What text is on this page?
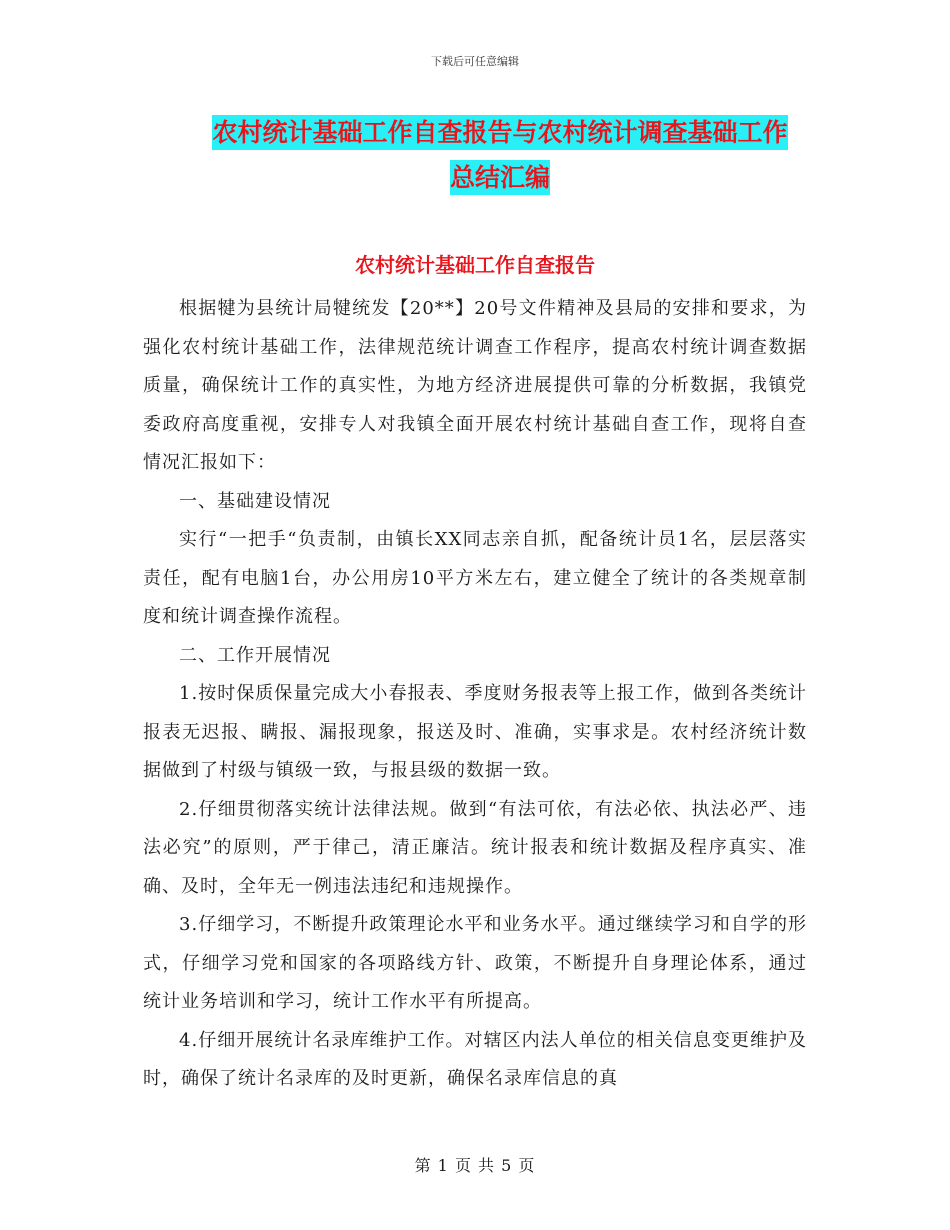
下载后可任意编辑
农村统计基础工作自查报告与农村统计调查基础工作
总结汇编
农村统计基础工作自查报告

根据犍为县统计局犍统发【20**】20号文件精神及县局的安排和要求，为强化农村统计基础工作，法律规范统计调查工作程序，提高农村统计调查数据质量，确保统计工作的真实性，为地方经济进展提供可靠的分析数据，我镇党委政府高度重视，安排专人对我镇全面开展农村统计基础自查工作，现将自查情况汇报如下：

一、基础建设情况

实行“一把手“负责制，由镇长XX同志亲自抓，配备统计员1名，层层落实责任，配有电脑1台，办公用房10平方米左右，建立健全了统计的各类规章制度和统计调查操作流程。

二、工作开展情况

1.按时保质保量完成大小春报表、季度财务报表等上报工作，做到各类统计报表无迟报、瞒报、漏报现象，报送及时、准确，实事求是。农村经济统计数据做到了村级与镇级一致，与报县级的数据一致。

2.仔细贯彻落实统计法律法规。做到“有法可依，有法必依、执法必严、违法必究”的原则，严于律己，清正廉洁。统计报表和统计数据及程序真实、准确、及时，全年无一例违法违纪和违规操作。

3.仔细学习，不断提升政策理论水平和业务水平。通过继续学习和自学的形式，仔细学习党和国家的各项路线方针、政策，不断提升自身理论体系，通过统计业务培训和学习，统计工作水平有所提高。

4.仔细开展统计名录库维护工作。对辖区内法人单位的相关信息变更维护及时，确保了统计名录库的及时更新，确保名录库信息的真

第 1 页 共 5 页
